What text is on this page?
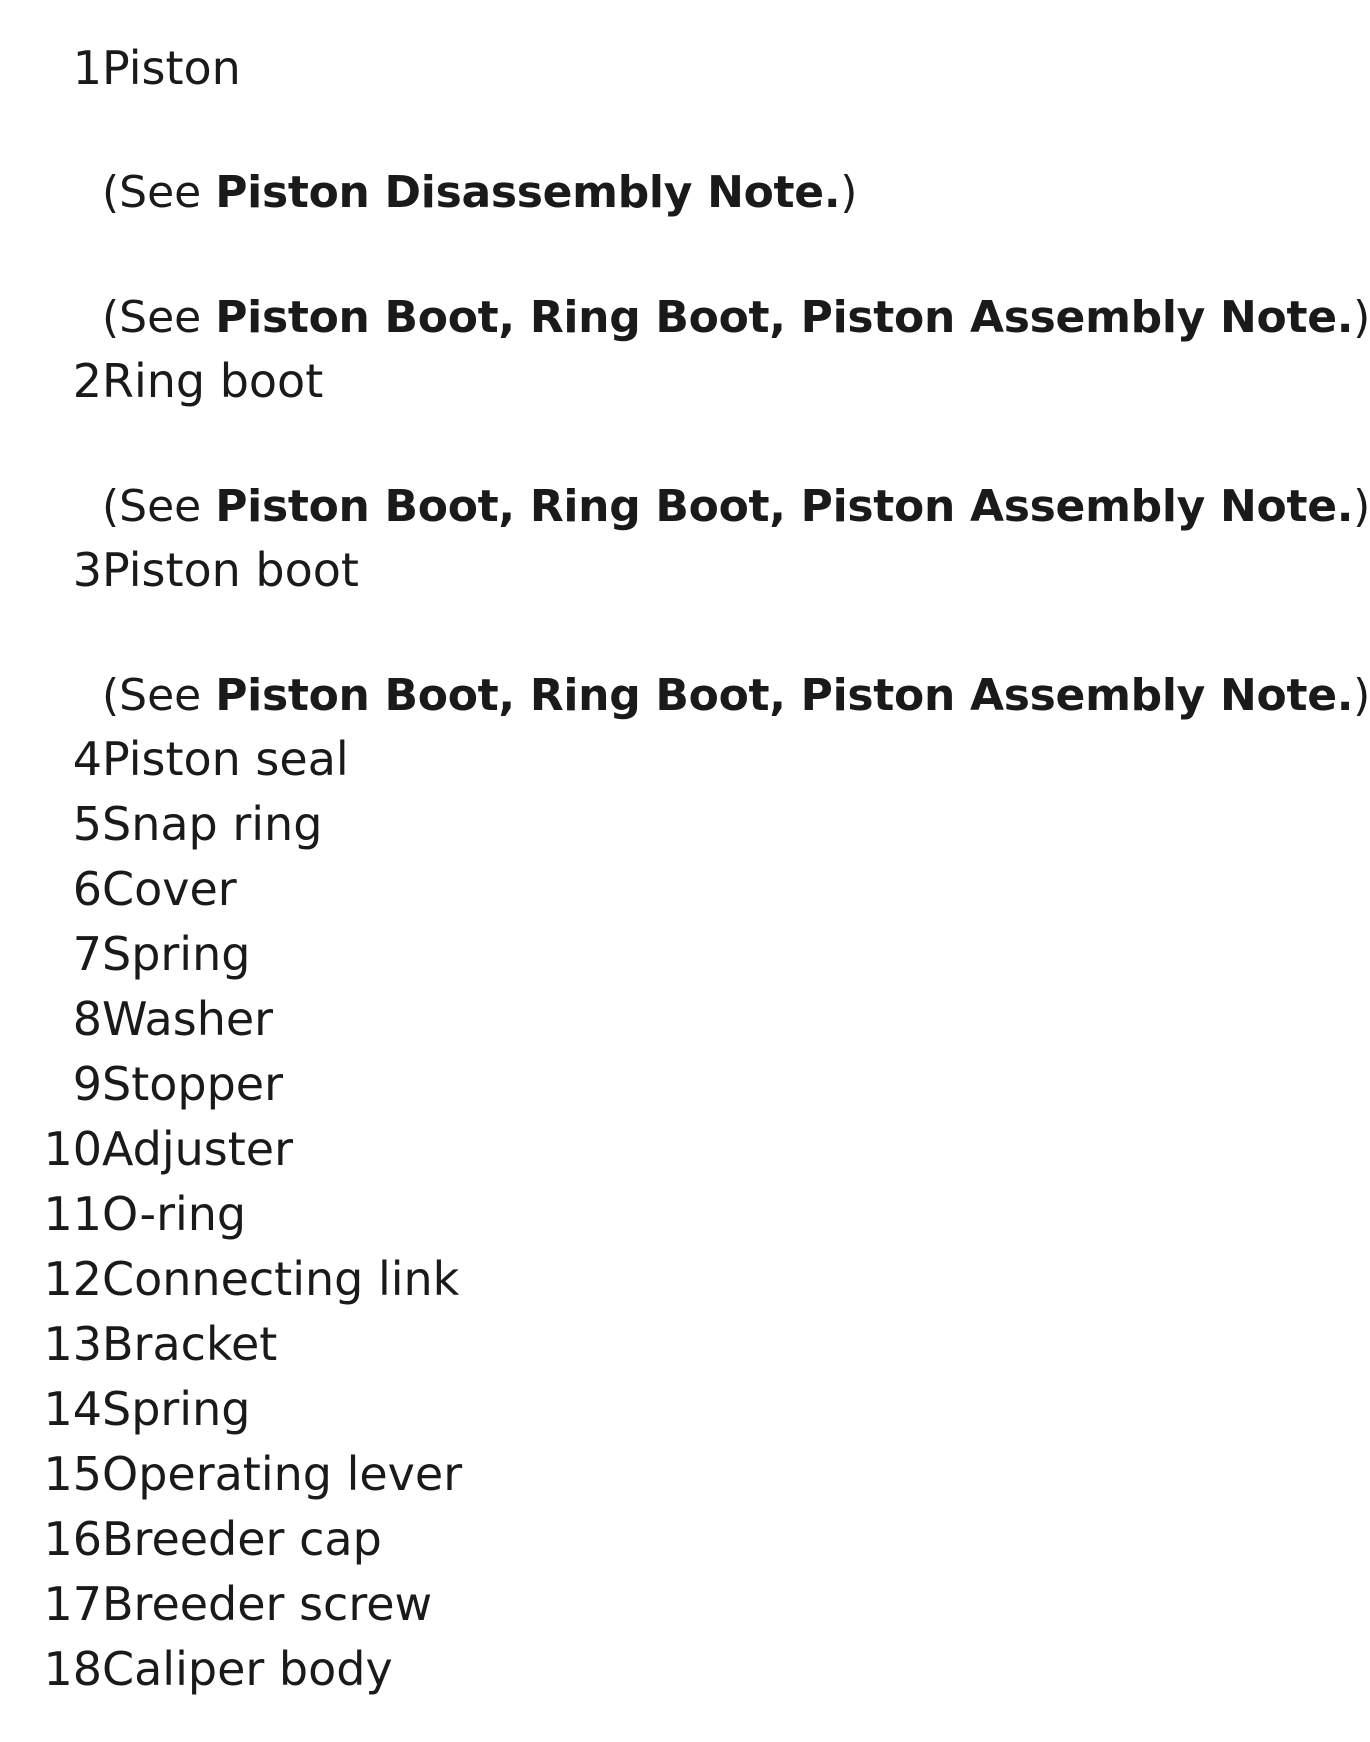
1 Piston
(See Piston Disassembly Note.)
(See Piston Boot, Ring Boot, Piston Assembly Note.)
2 Ring boot
(See Piston Boot, Ring Boot, Piston Assembly Note.)
3 Piston boot
(See Piston Boot, Ring Boot, Piston Assembly Note.)
4 Piston seal
5 Snap ring
6 Cover
7 Spring
8 Washer
9 Stopper
10 Adjuster
11 O-ring
12 Connecting link
13 Bracket
14 Spring
15 Operating lever
16 Breeder cap
17 Breeder screw
18 Caliper body
